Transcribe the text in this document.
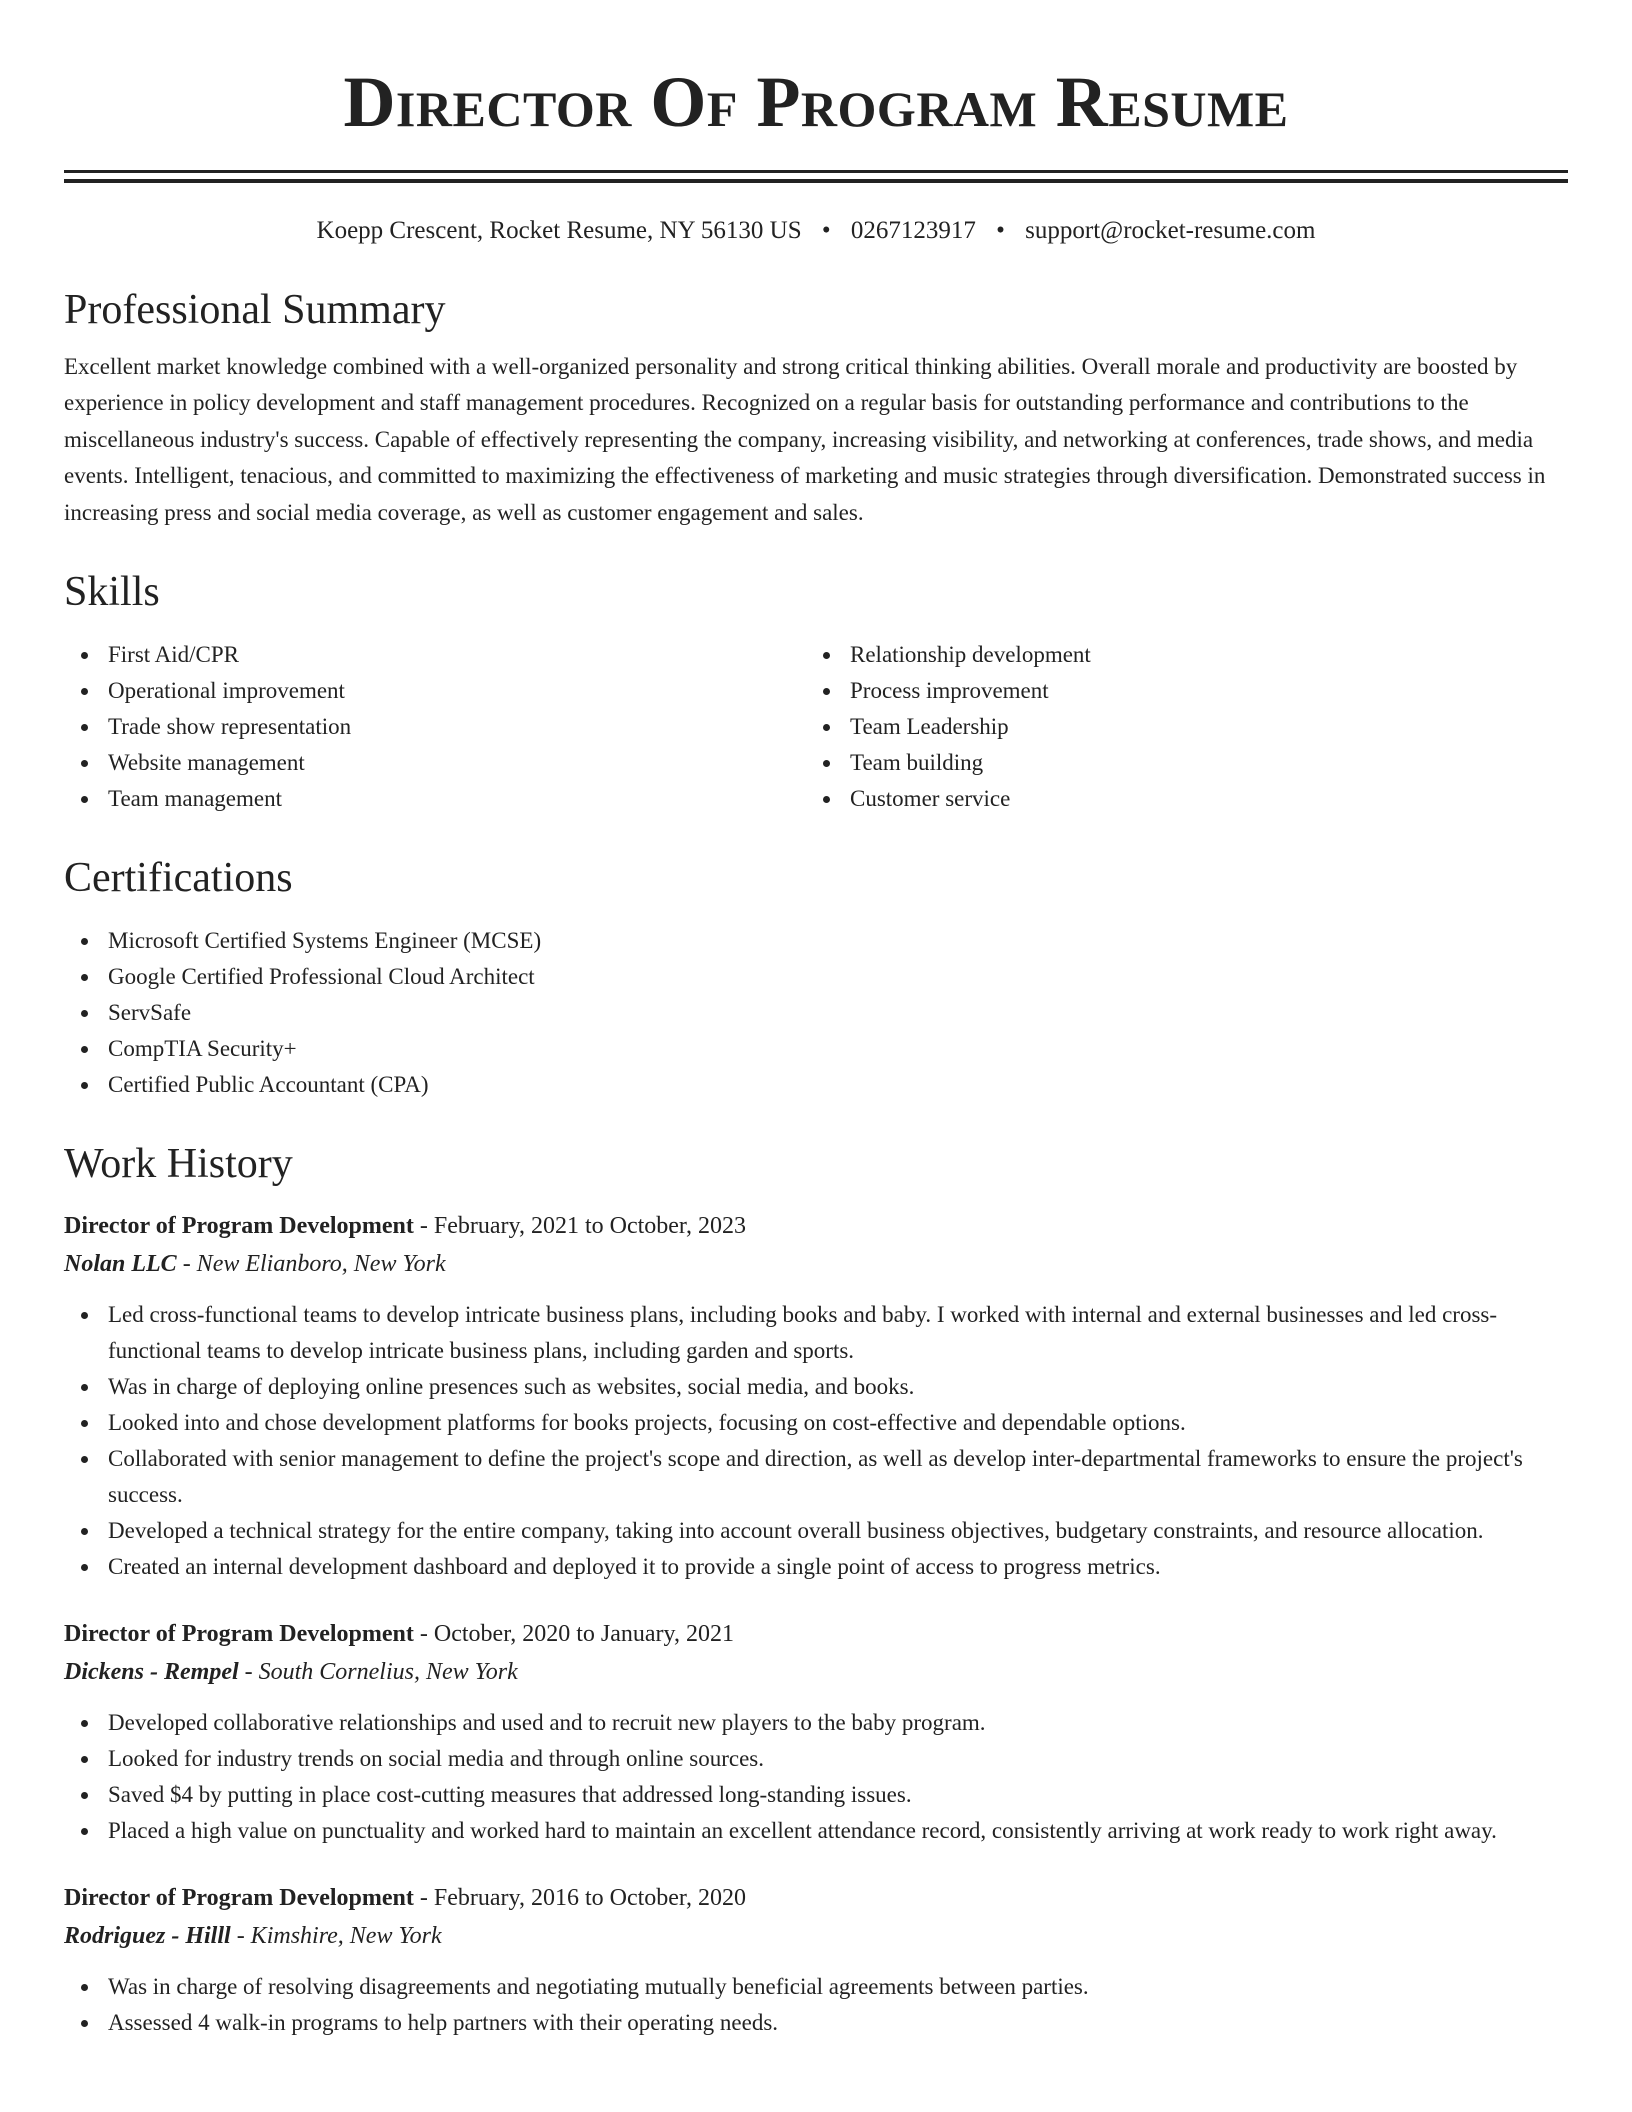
Director Of Program Resume
Koepp Crescent, Rocket Resume, NY 56130 US • 0267123917 • support@rocket-resume.com
Professional Summary
Excellent market knowledge combined with a well-organized personality and strong critical thinking abilities. Overall morale and productivity are boosted by experience in policy development and staff management procedures. Recognized on a regular basis for outstanding performance and contributions to the miscellaneous industry's success. Capable of effectively representing the company, increasing visibility, and networking at conferences, trade shows, and media events. Intelligent, tenacious, and committed to maximizing the effectiveness of marketing and music strategies through diversification. Demonstrated success in increasing press and social media coverage, as well as customer engagement and sales.
Skills
First Aid/CPR
Operational improvement
Trade show representation
Website management
Team management
Relationship development
Process improvement
Team Leadership
Team building
Customer service
Certifications
Microsoft Certified Systems Engineer (MCSE)
Google Certified Professional Cloud Architect
ServSafe
CompTIA Security+
Certified Public Accountant (CPA)
Work History
Director of Program Development - February, 2021 to October, 2023
Nolan LLC - New Elianboro, New York
Led cross-functional teams to develop intricate business plans, including books and baby. I worked with internal and external businesses and led cross-functional teams to develop intricate business plans, including garden and sports.
Was in charge of deploying online presences such as websites, social media, and books.
Looked into and chose development platforms for books projects, focusing on cost-effective and dependable options.
Collaborated with senior management to define the project's scope and direction, as well as develop inter-departmental frameworks to ensure the project's success.
Developed a technical strategy for the entire company, taking into account overall business objectives, budgetary constraints, and resource allocation.
Created an internal development dashboard and deployed it to provide a single point of access to progress metrics.
Director of Program Development - October, 2020 to January, 2021
Dickens - Rempel - South Cornelius, New York
Developed collaborative relationships and used and to recruit new players to the baby program.
Looked for industry trends on social media and through online sources.
Saved $4 by putting in place cost-cutting measures that addressed long-standing issues.
Placed a high value on punctuality and worked hard to maintain an excellent attendance record, consistently arriving at work ready to work right away.
Director of Program Development - February, 2016 to October, 2020
Rodriguez - Hilll - Kimshire, New York
Was in charge of resolving disagreements and negotiating mutually beneficial agreements between parties.
Assessed 4 walk-in programs to help partners with their operating needs.
